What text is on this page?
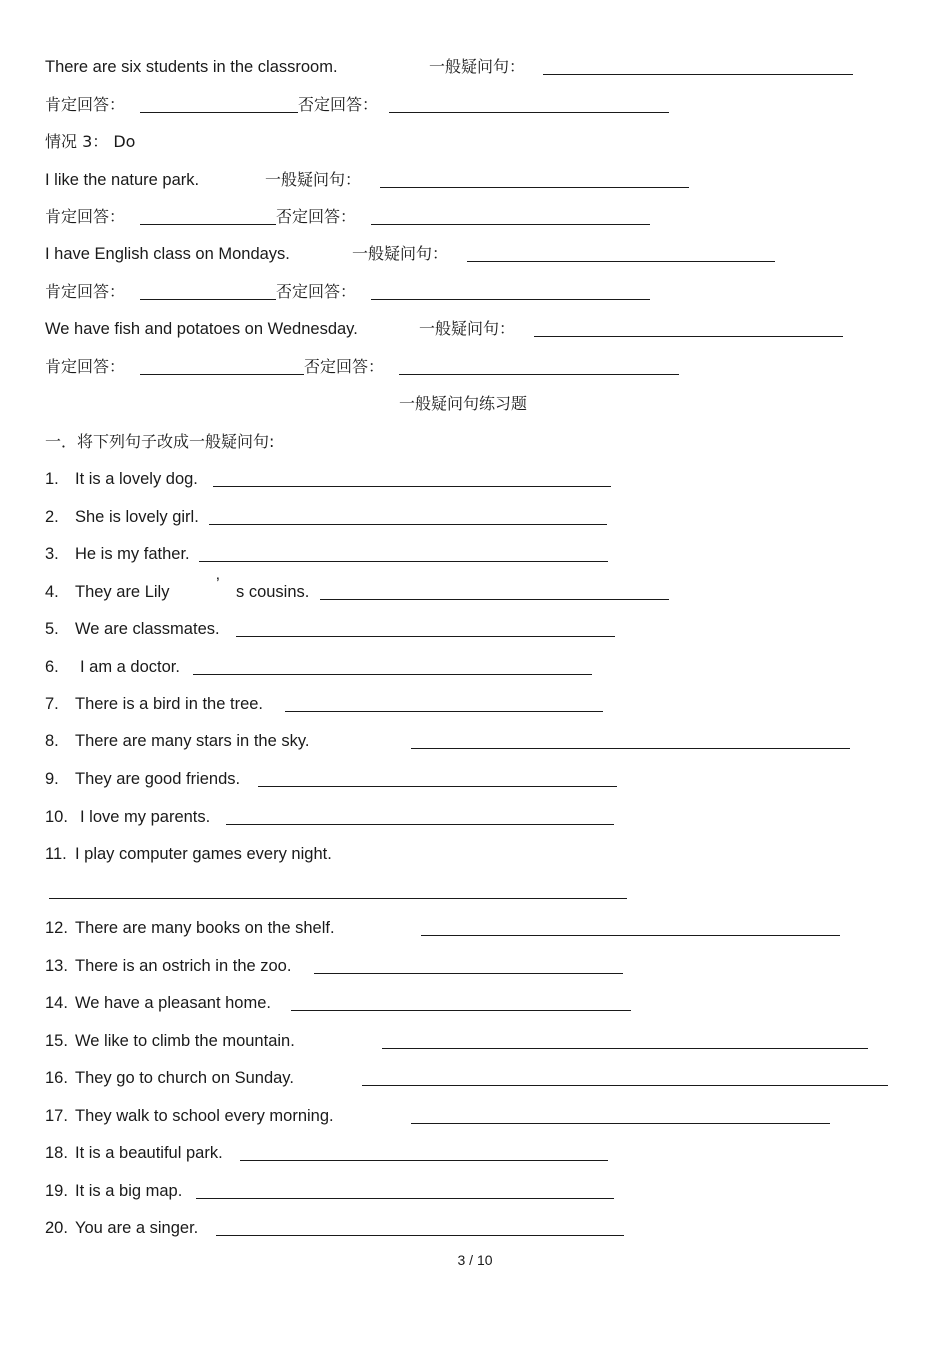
There are six students in the classroom.	一般疑问句：
肯定回答：	否定回答：
情况 3： Do
I like the nature park.	一般疑问句：
肯定回答：	否定回答：
I have English class on Mondays.	一般疑问句：
肯定回答：	否定回答：
We have fish and potatoes on Wednesday.	一般疑问句：
肯定回答：	否定回答：
一般疑问句练习题
一．将下列句子改成一般疑问句:
1. It is a lovely dog.
2. She is lovely girl.
3. He is my father.
4. They are Lily	’ s cousins.
5. We are classmates.
6. I am a doctor.
7. There is a bird in the tree.
8. There are many stars in the sky.
9. They are good friends.
10. I love my parents.
11. I play computer games every night.
12. There are many books on the shelf.
13. There is an ostrich in the zoo.
14. We have a pleasant home.
15. We like to climb the mountain.
16. They go to church on Sunday.
17. They walk to school every morning.
18. It is a beautiful park.
19. It is a big map.
20. You are a singer.
3 / 10
